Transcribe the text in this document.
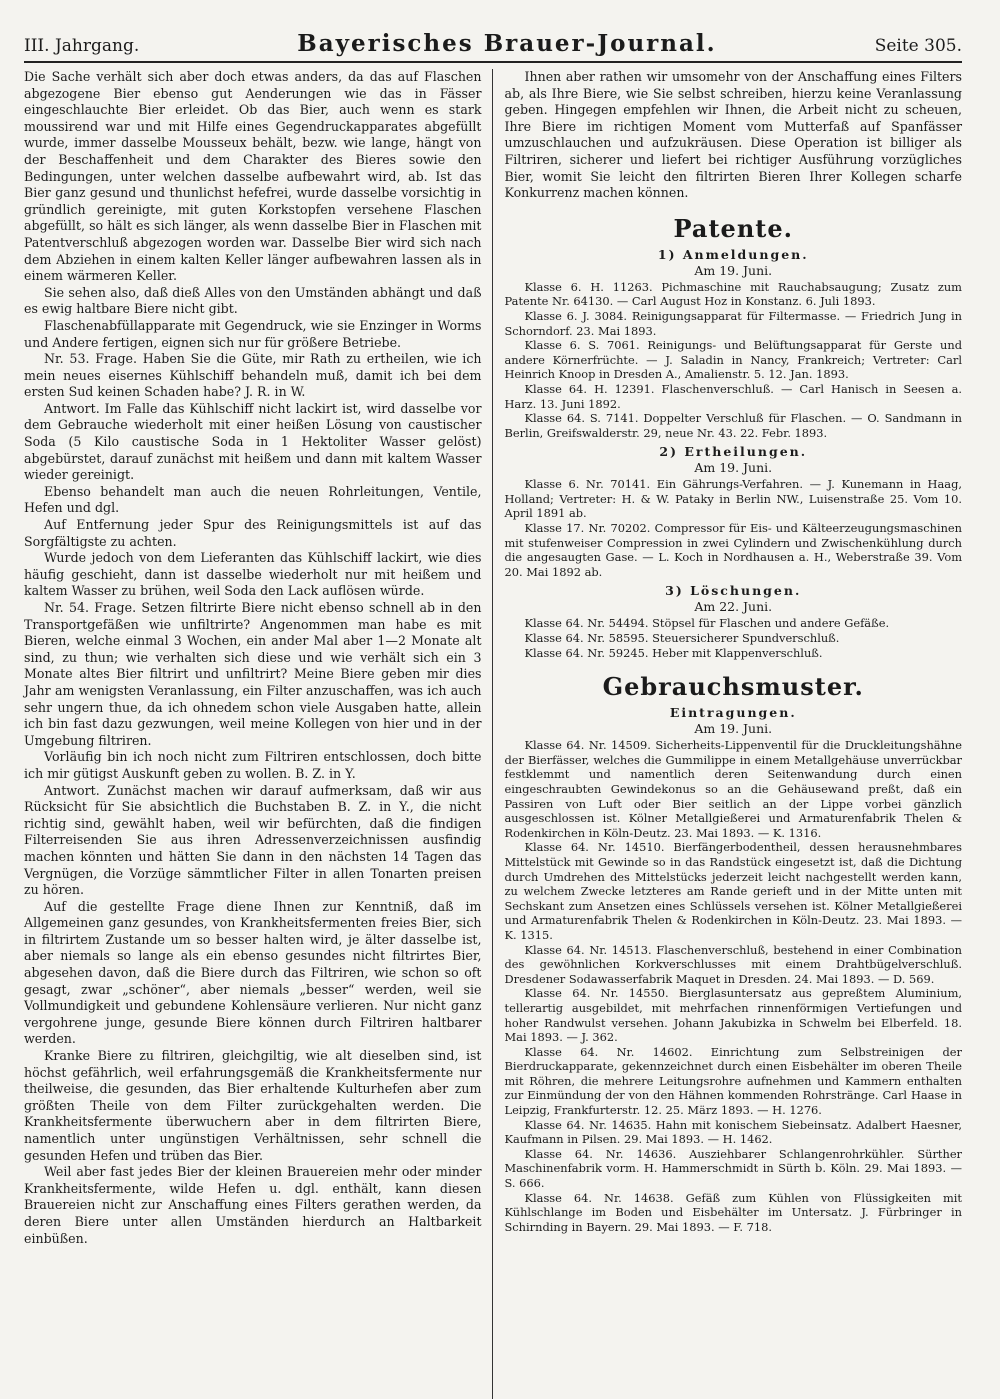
III. Jahrgang.	Bayerisches Brauer-Journal.	Seite 305.

Die Sache verhält sich aber doch etwas anders, da das auf Flaschen abgezogene Bier ebenso gut Aenderungen wie das in Fässer eingeschlauchte Bier erleidet. Ob das Bier, auch wenn es stark moussirend war und mit Hilfe eines Gegendruckapparates abgefüllt wurde, immer dasselbe Mousseux behält, bezw. wie lange, hängt von der Beschaffenheit und dem Charakter des Bieres sowie den Bedingungen, unter welchen dasselbe aufbewahrt wird, ab. Ist das Bier ganz gesund und thunlichst hefefrei, wurde dasselbe vorsichtig in gründlich gereinigte, mit guten Korkstopfen versehene Flaschen abgefüllt, so hält es sich länger, als wenn dasselbe Bier in Flaschen mit Patentverschluß abgezogen worden war. Dasselbe Bier wird sich nach dem Abziehen in einem kalten Keller länger aufbewahren lassen als in einem wärmeren Keller.

Sie sehen also, daß dieß Alles von den Umständen abhängt und daß es ewig haltbare Biere nicht gibt.

Flaschenabfüllapparate mit Gegendruck, wie sie Enzinger in Worms und Andere fertigen, eignen sich nur für größere Betriebe.

Nr. 53. Frage. Haben Sie die Güte, mir Rath zu ertheilen, wie ich mein neues eisernes Kühlschiff behandeln muß, damit ich bei dem ersten Sud keinen Schaden habe? J. R. in W.

Antwort. Im Falle das Kühlschiff nicht lackirt ist, wird dasselbe vor dem Gebrauche wiederholt mit einer heißen Lösung von caustischer Soda (5 Kilo caustische Soda in 1 Hektoliter Wasser gelöst) abgebürstet, darauf zunächst mit heißem und dann mit kaltem Wasser wieder gereinigt.

Ebenso behandelt man auch die neuen Rohrleitungen, Ventile, Hefen und dgl.

Auf Entfernung jeder Spur des Reinigungsmittels ist auf das Sorgfältigste zu achten.

Wurde jedoch von dem Lieferanten das Kühlschiff lackirt, wie dies häufig geschieht, dann ist dasselbe wiederholt nur mit heißem und kaltem Wasser zu brühen, weil Soda den Lack auflösen würde.

Nr. 54. Frage. Setzen filtrirte Biere nicht ebenso schnell ab in den Transportgefäßen wie unfiltrirte? Angenommen man habe es mit Bieren, welche einmal 3 Wochen, ein ander Mal aber 1—2 Monate alt sind, zu thun; wie verhalten sich diese und wie verhält sich ein 3 Monate altes Bier filtrirt und unfiltrirt? Meine Biere geben mir dies Jahr am wenigsten Veranlassung, ein Filter anzuschaffen, was ich auch sehr ungern thue, da ich ohnedem schon viele Ausgaben hatte, allein ich bin fast dazu gezwungen, weil meine Kollegen von hier und in der Umgebung filtriren.

Vorläufig bin ich noch nicht zum Filtriren entschlossen, doch bitte ich mir gütigst Auskunft geben zu wollen. B. Z. in Y.

Antwort. Zunächst machen wir darauf aufmerksam, daß wir aus Rücksicht für Sie absichtlich die Buchstaben B. Z. in Y., die nicht richtig sind, gewählt haben, weil wir befürchten, daß die findigen Filterreisenden Sie aus ihren Adressenverzeichnissen ausfindig machen könnten und hätten Sie dann in den nächsten 14 Tagen das Vergnügen, die Vorzüge sämmtlicher Filter in allen Tonarten preisen zu hören.

Auf die gestellte Frage diene Ihnen zur Kenntniß, daß im Allgemeinen ganz gesundes, von Krankheitsfermenten freies Bier, sich in filtrirtem Zustande um so besser halten wird, je älter dasselbe ist, aber niemals so lange als ein ebenso gesundes nicht filtrirtes Bier, abgesehen davon, daß die Biere durch das Filtriren, wie schon so oft gesagt, zwar „schöner“, aber niemals „besser“ werden, weil sie Vollmundigkeit und gebundene Kohlensäure verlieren. Nur nicht ganz vergohrene junge, gesunde Biere können durch Filtriren haltbarer werden.

Kranke Biere zu filtriren, gleichgiltig, wie alt dieselben sind, ist höchst gefährlich, weil erfahrungsgemäß die Krankheitsfermente nur theilweise, die gesunden, das Bier erhaltende Kulturhefen aber zum größten Theile von dem Filter zurückgehalten werden. Die Krankheitsfermente überwuchern aber in dem filtrirten Biere, namentlich unter ungünstigen Verhältnissen, sehr schnell die gesunden Hefen und trüben das Bier.

Weil aber fast jedes Bier der kleinen Brauereien mehr oder minder Krankheitsfermente, wilde Hefen u. dgl. enthält, kann diesen Brauereien nicht zur Anschaffung eines Filters gerathen werden, da deren Biere unter allen Umständen hierdurch an Haltbarkeit einbüßen.

Ihnen aber rathen wir umsomehr von der Anschaffung eines Filters ab, als Ihre Biere, wie Sie selbst schreiben, hierzu keine Veranlassung geben. Hingegen empfehlen wir Ihnen, die Arbeit nicht zu scheuen, Ihre Biere im richtigen Moment vom Mutterfaß auf Spanfässer umzuschlauchen und aufzukräusen. Diese Operation ist billiger als Filtriren, sicherer und liefert bei richtiger Ausführung vorzügliches Bier, womit Sie leicht den filtrirten Bieren Ihrer Kollegen scharfe Konkurrenz machen können.

Patente.
1) Anmeldungen.
Am 19. Juni.

Klasse 6. H. 11263. Pichmaschine mit Rauchabsaugung; Zusatz zum Patente Nr. 64130. — Carl August Hoz in Konstanz. 6. Juli 1893.

Klasse 6. J. 3084. Reinigungsapparat für Filtermasse. — Friedrich Jung in Schorndorf. 23. Mai 1893.

Klasse 6. S. 7061. Reinigungs- und Belüftungsapparat für Gerste und andere Körnerfrüchte. — J. Saladin in Nancy, Frankreich; Vertreter: Carl Heinrich Knoop in Dresden A., Amalienstr. 5. 12. Jan. 1893.

Klasse 64. H. 12391. Flaschenverschluß. — Carl Hanisch in Seesen a. Harz. 13. Juni 1892.

Klasse 64. S. 7141. Doppelter Verschluß für Flaschen. — O. Sandmann in Berlin, Greifswalderstr. 29, neue Nr. 43. 22. Febr. 1893.

2) Ertheilungen.
Am 19. Juni.

Klasse 6. Nr. 70141. Ein Gährungs-Verfahren. — J. Kunemann in Haag, Holland; Vertreter: H. & W. Pataky in Berlin NW., Luisenstraße 25. Vom 10. April 1891 ab.

Klasse 17. Nr. 70202. Compressor für Eis- und Kälteerzeugungsmaschinen mit stufenweiser Compression in zwei Cylindern und Zwischenkühlung durch die angesaugten Gase. — L. Koch in Nordhausen a. H., Weberstraße 39. Vom 20. Mai 1892 ab.

3) Löschungen.
Am 22. Juni.

Klasse 64. Nr. 54494. Stöpsel für Flaschen und andere Gefäße.

Klasse 64. Nr. 58595. Steuersicherer Spundverschluß.

Klasse 64. Nr. 59245. Heber mit Klappenverschluß.

Gebrauchsmuster.
Eintragungen.
Am 19. Juni.

Klasse 64. Nr. 14509. Sicherheits-Lippenventil für die Druckleitungshähne der Bierfässer, welches die Gummilippe in einem Metallgehäuse unverrückbar festklemmt und namentlich deren Seitenwandung durch einen eingeschraubten Gewindekonus so an die Gehäusewand preßt, daß ein Passiren von Luft oder Bier seitlich an der Lippe vorbei gänzlich ausgeschlossen ist. Kölner Metallgießerei und Armaturenfabrik Thelen & Rodenkirchen in Köln-Deutz. 23. Mai 1893. — K. 1316.

Klasse 64. Nr. 14510. Bierfängerbodentheil, dessen herausnehmbares Mittelstück mit Gewinde so in das Randstück eingesetzt ist, daß die Dichtung durch Umdrehen des Mittelstücks jederzeit leicht nachgestellt werden kann, zu welchem Zwecke letzteres am Rande gerieft und in der Mitte unten mit Sechskant zum Ansetzen eines Schlüssels versehen ist. Kölner Metallgießerei und Armaturenfabrik Thelen & Rodenkirchen in Köln-Deutz. 23. Mai 1893. — K. 1315.

Klasse 64. Nr. 14513. Flaschenverschluß, bestehend in einer Combination des gewöhnlichen Korkverschlusses mit einem Drahtbügelverschluß. Dresdener Sodawasserfabrik Maquet in Dresden. 24. Mai 1893. — D. 569.

Klasse 64. Nr. 14550. Bierglasuntersatz aus gepreßtem Aluminium, tellerartig ausgebildet, mit mehrfachen rinnenförmigen Vertiefungen und hoher Randwulst versehen. Johann Jakubizka in Schwelm bei Elberfeld. 18. Mai 1893. — J. 362.

Klasse 64. Nr. 14602. Einrichtung zum Selbstreinigen der Bierdruckapparate, gekennzeichnet durch einen Eisbehälter im oberen Theile mit Röhren, die mehrere Leitungsrohre aufnehmen und Kammern enthalten zur Einmündung der von den Hähnen kommenden Rohrstränge. Carl Haase in Leipzig, Frankfurterstr. 12. 25. März 1893. — H. 1276.

Klasse 64. Nr. 14635. Hahn mit konischem Siebeinsatz. Adalbert Haesner, Kaufmann in Pilsen. 29. Mai 1893. — H. 1462.

Klasse 64. Nr. 14636. Ausziehbarer Schlangenrohrkühler. Sürther Maschinenfabrik vorm. H. Hammerschmidt in Sürth b. Köln. 29. Mai 1893. — S. 666.

Klasse 64. Nr. 14638. Gefäß zum Kühlen von Flüssigkeiten mit Kühlschlange im Boden und Eisbehälter im Untersatz. J. Fürbringer in Schirnding in Bayern. 29. Mai 1893. — F. 718.
